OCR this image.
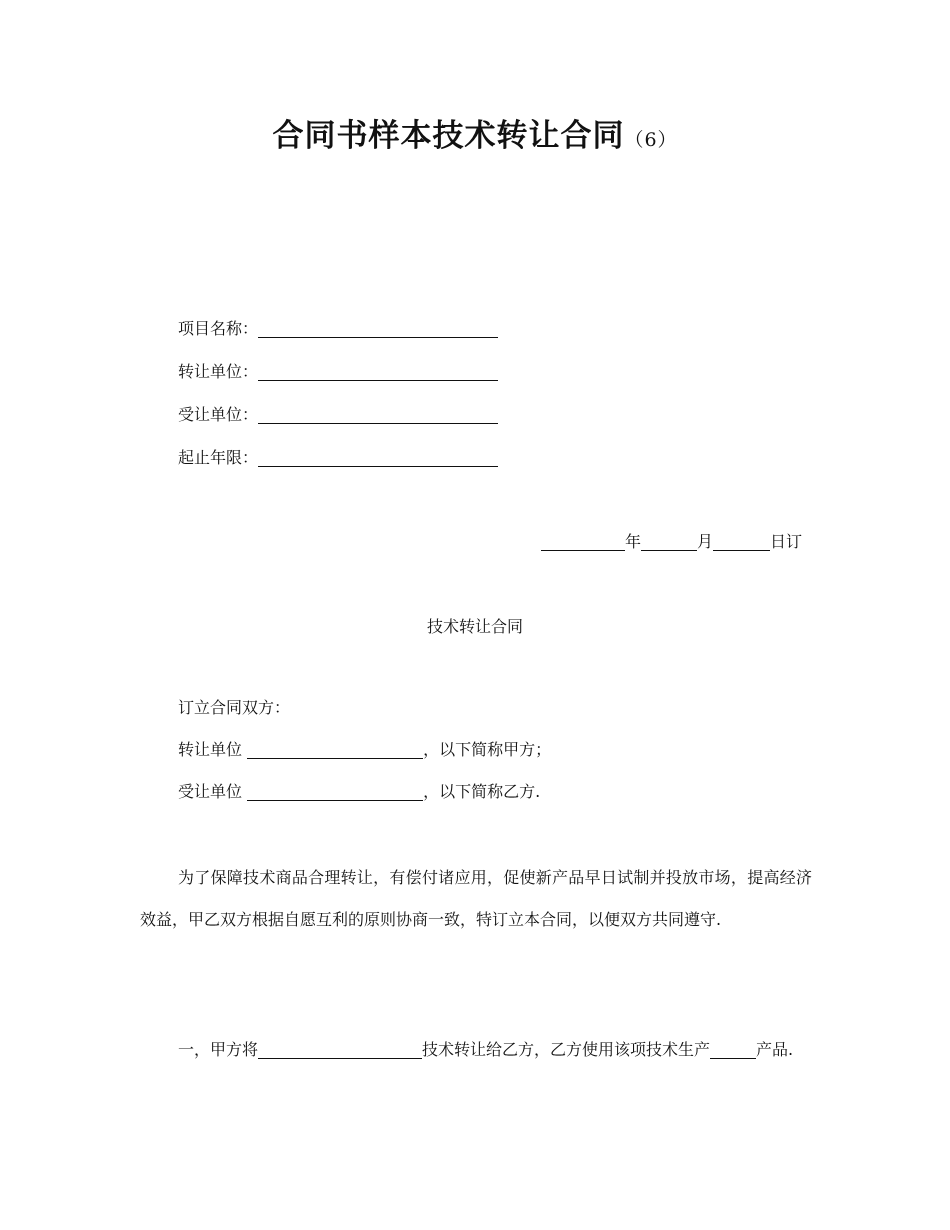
合同书样本技术转让合同（6）
项目名称：
转让单位：
受让单位：
起止年限：
年	月	日订
技术转让合同
订立合同双方：
转让单位	，以下简称甲方；
受让单位	，以下简称乙方.
为了保障技术商品合理转让，有偿付诸应用，促使新产品早日试制并投放市场，提高经济效益，甲乙双方根据自愿互利的原则协商一致，特订立本合同，以便双方共同遵守.
一，甲方将	技术转让给乙方，乙方使用该项技术生产	产品.
